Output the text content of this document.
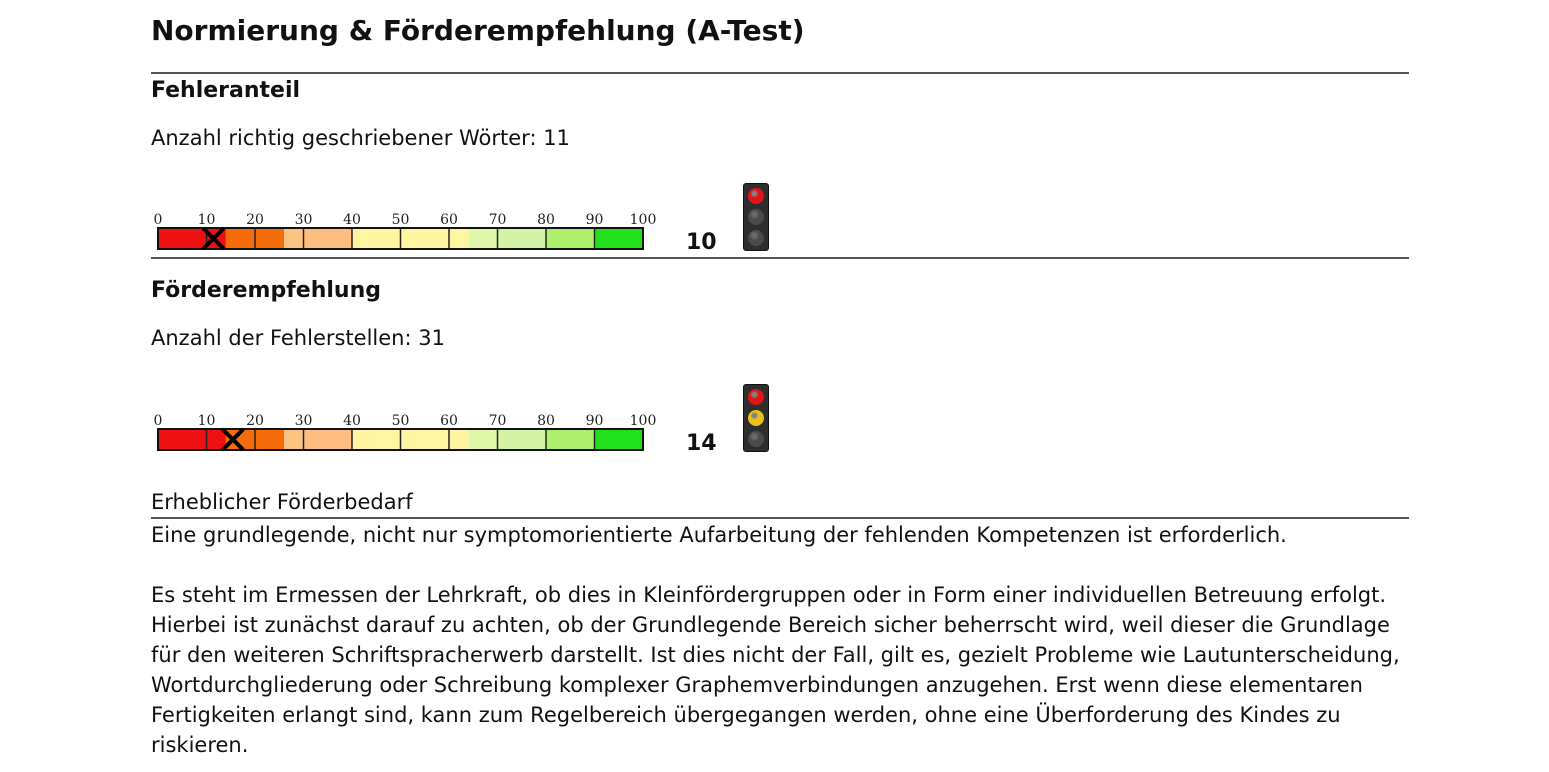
Normierung & Förderempfehlung (A-Test)
Fehleranteil
Anzahl richtig geschriebener Wörter: 11
0	10 20 30 40 50 60 70 80 90 100
10
Förderempfehlung
Anzahl der Fehlerstellen: 31
0	10 20 30 40 50 60 70 80 90 100
14
Erheblicher Förderbedarf
Eine grundlegende, nicht nur symptomorientierte Aufarbeitung der fehlenden Kompetenzen ist erforderlich.
Es steht im Ermessen der Lehrkraft, ob dies in Kleinfördergruppen oder in Form einer individuellen Betreuung erfolgt. Hierbei ist zunächst darauf zu achten, ob der Grundlegende Bereich sicher beherrscht wird, weil dieser die Grundlage für den weiteren Schriftspracherwerb darstellt. Ist dies nicht der Fall, gilt es, gezielt Probleme wie Lautunterscheidung, Wortdurchgliederung oder Schreibung komplexer Graphemverbindungen anzugehen. Erst wenn diese elementaren Fertigkeiten erlangt sind, kann zum Regelbereich übergegangen werden, ohne eine Überforderung des Kindes zu riskieren.
